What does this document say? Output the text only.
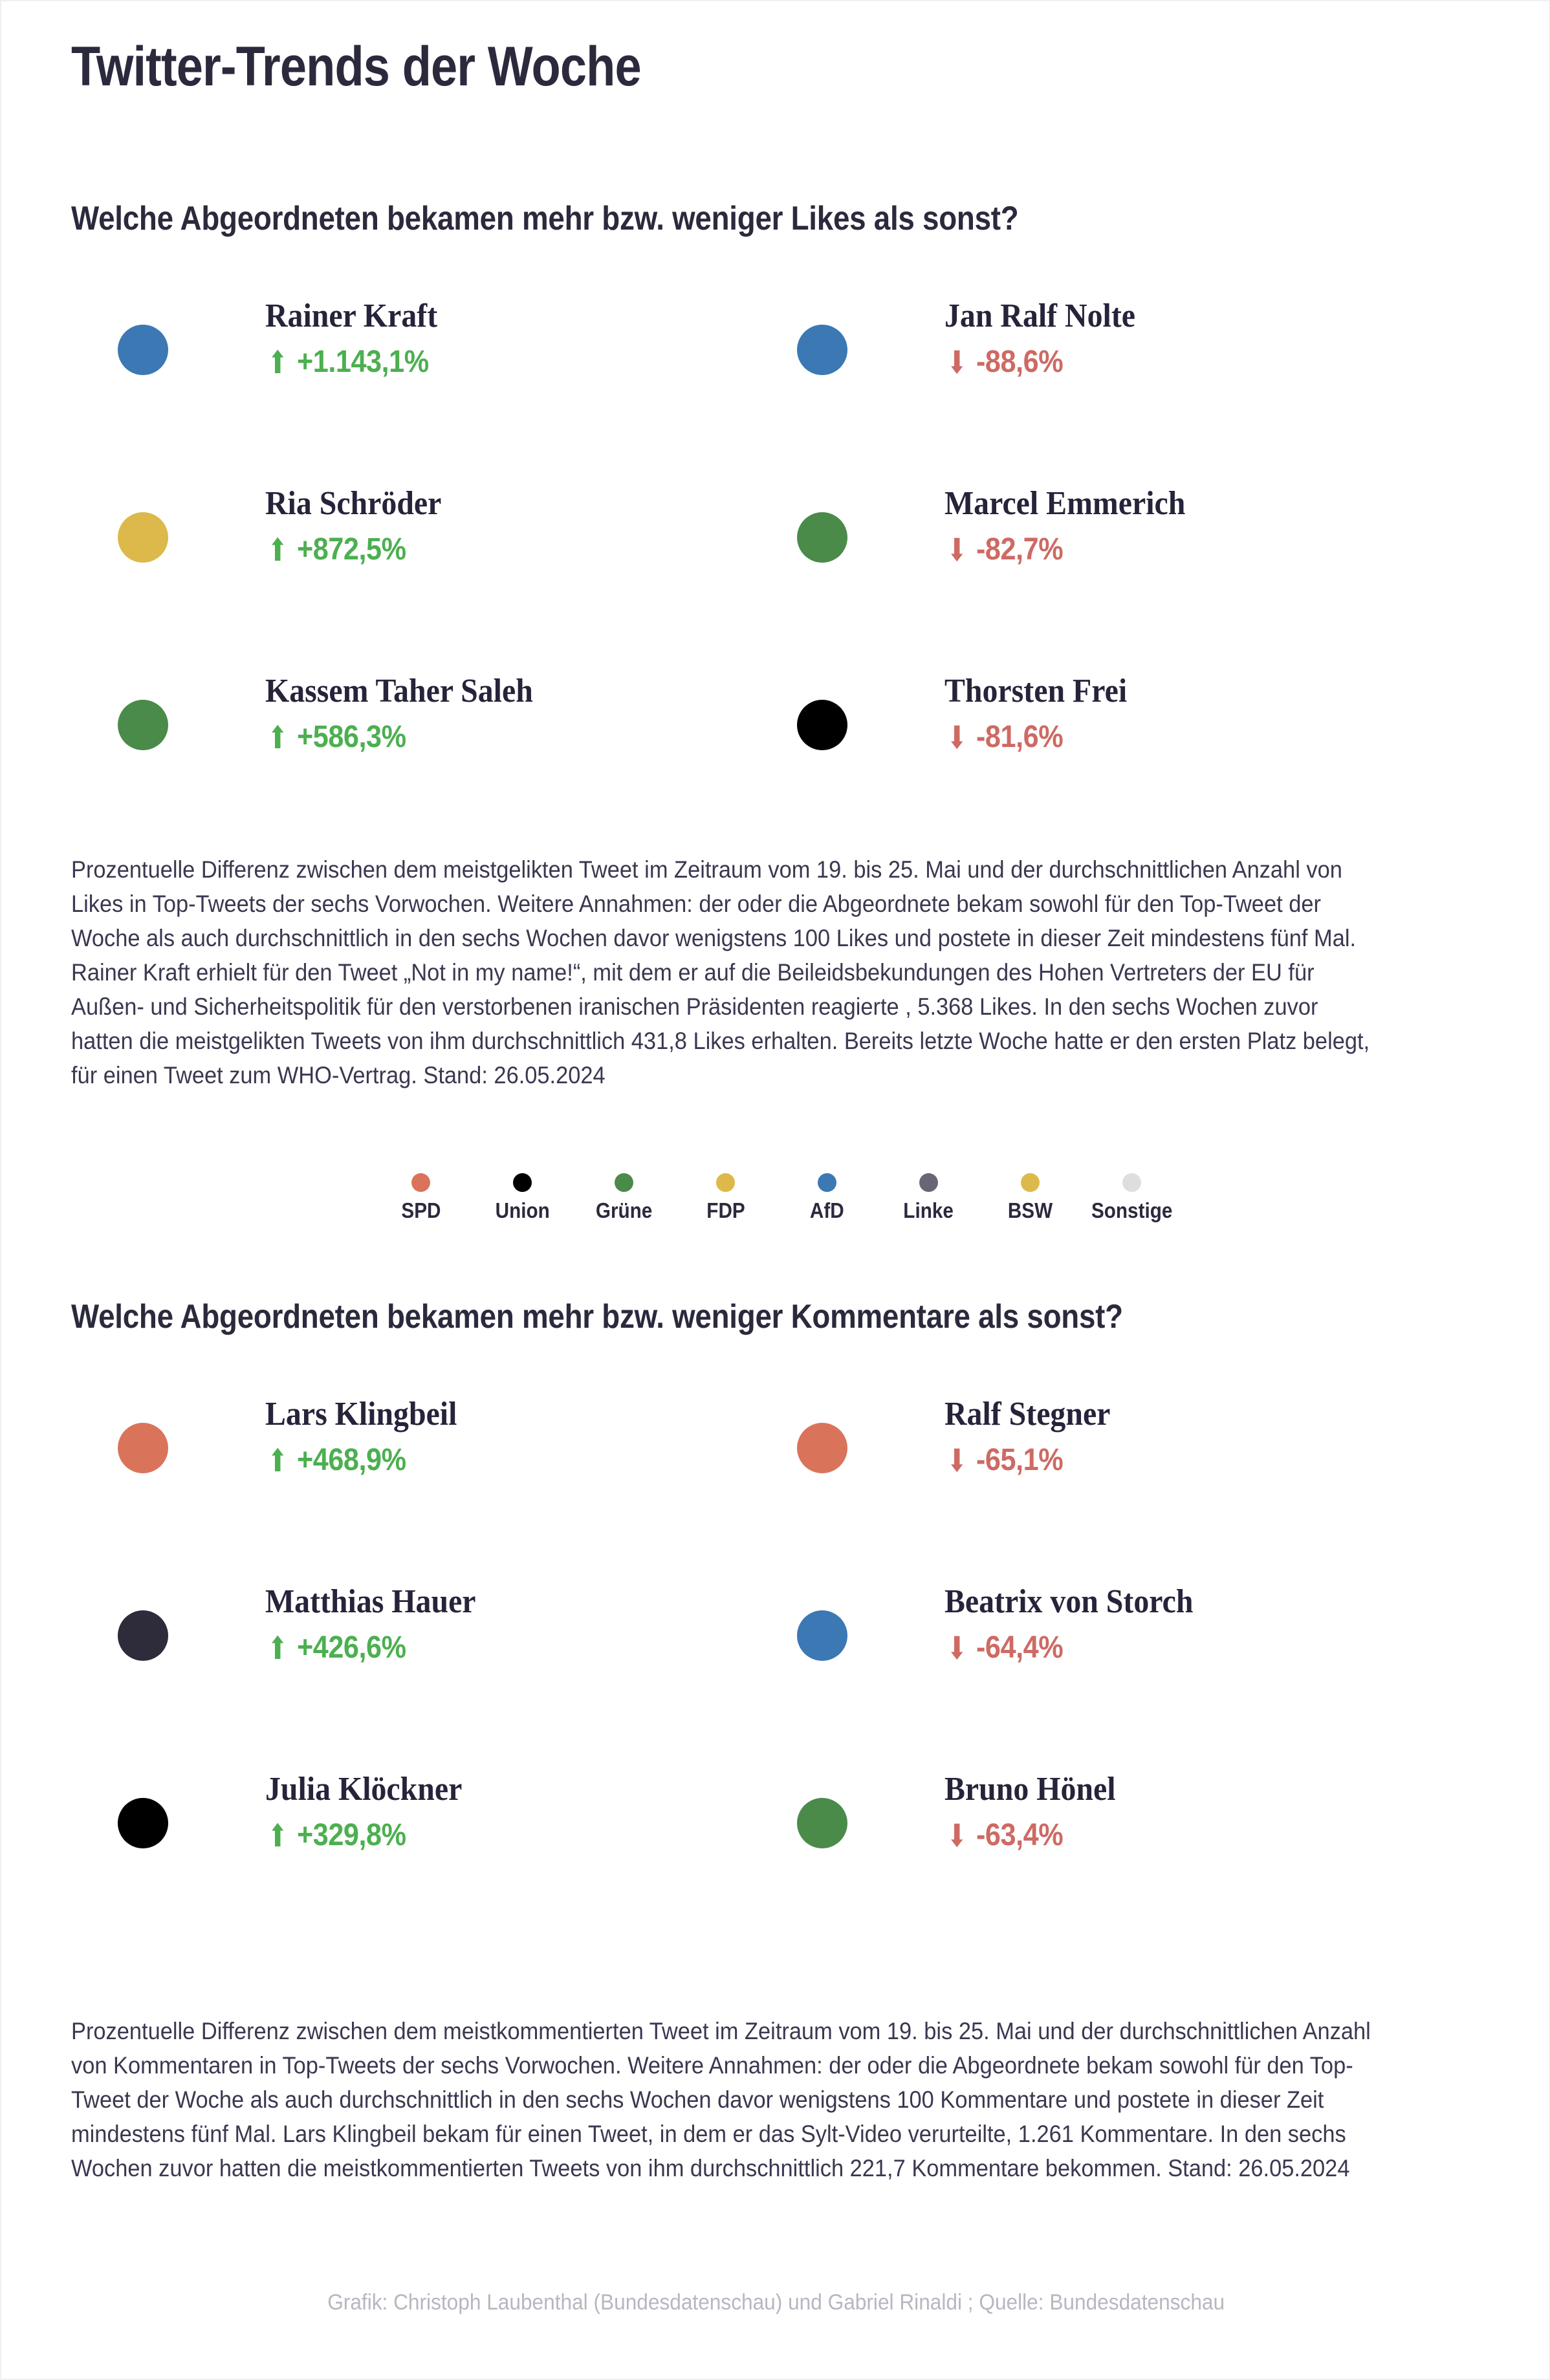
Twitter-Trends der Woche
Welche Abgeordneten bekamen mehr bzw. weniger Likes als sonst?
Rainer Kraft
⬆ +1.143,1%
Ria Schröder
⬆ +872,5%
Kassem Taher Saleh
⬆ +586,3%
Jan Ralf Nolte
⬇ -88,6%
Marcel Emmerich
⬇ -82,7%
Thorsten Frei
⬇ -81,6%
Prozentuelle Differenz zwischen dem meistgelikten Tweet im Zeitraum vom 19. bis 25. Mai und der durchschnittlichen Anzahl von Likes in Top-Tweets der sechs Vorwochen. Weitere Annahmen: der oder die Abgeordnete bekam sowohl für den Top-Tweet der Woche als auch durchschnittlich in den sechs Wochen davor wenigstens 100 Likes und postete in dieser Zeit mindestens fünf Mal. Rainer Kraft erhielt für den Tweet „Not in my name!“, mit dem er auf die Beileidsbekundungen des Hohen Vertreters der EU für Außen- und Sicherheitspolitik für den verstorbenen iranischen Präsidenten reagierte , 5.368 Likes. In den sechs Wochen zuvor hatten die meistgelikten Tweets von ihm durchschnittlich 431,8 Likes erhalten. Bereits letzte Woche hatte er den ersten Platz belegt, für einen Tweet zum WHO-Vertrag. Stand: 26.05.2024
SPD	Union Grüne	FDP	AfD	Linke	BSW Sonstige
Welche Abgeordneten bekamen mehr bzw. weniger Kommentare als sonst?
Lars Klingbeil
⬆ +468,9%
Matthias Hauer
⬆ +426,6%
Julia Klöckner
⬆ +329,8%
Ralf Stegner
⬇ -65,1%
Beatrix von Storch
⬇ -64,4%
Bruno Hönel
⬇ -63,4%
Prozentuelle Differenz zwischen dem meistkommentierten Tweet im Zeitraum vom 19. bis 25. Mai und der durchschnittlichen Anzahl von Kommentaren in Top-Tweets der sechs Vorwochen. Weitere Annahmen: der oder die Abgeordnete bekam sowohl für den Top-Tweet der Woche als auch durchschnittlich in den sechs Wochen davor wenigstens 100 Kommentare und postete in dieser Zeit mindestens fünf Mal. Lars Klingbeil bekam für einen Tweet, in dem er das Sylt-Video verurteilte, 1.261 Kommentare. In den sechs Wochen zuvor hatten die meistkommentierten Tweets von ihm durchschnittlich 221,7 Kommentare bekommen. Stand: 26.05.2024
Grafik: Christoph Laubenthal (Bundesdatenschau) und Gabriel Rinaldi ; Quelle: Bundesdatenschau
